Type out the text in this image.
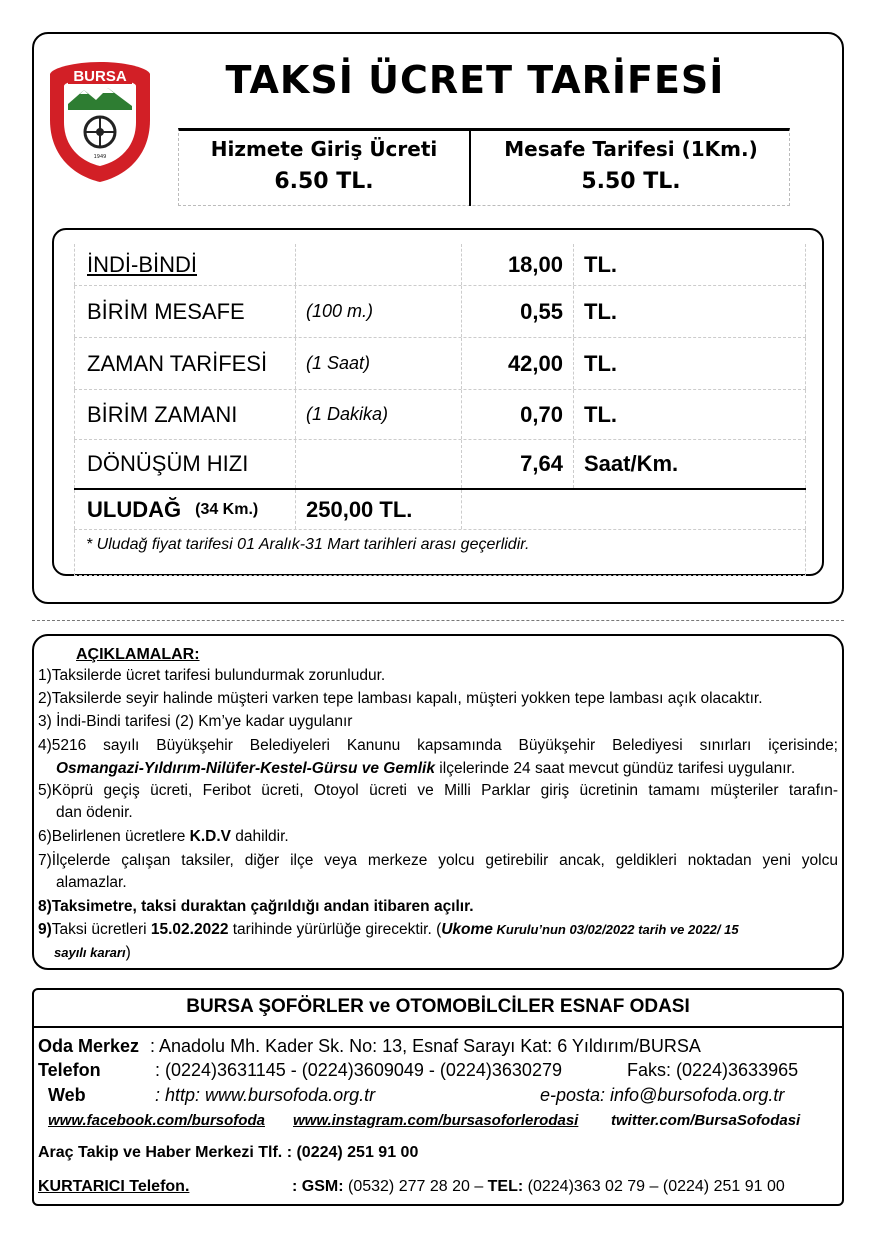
BURSA
1949
TAKSİ ÜCRET TARİFESİ
Hizmete Giriş Ücreti
6.50 TL.
Mesafe Tarifesi (1Km.)
5.50 TL.
İNDİ-BİNDİ	18,00 TL.
BİRİM MESAFE	(100 m.)	0,55 TL.
ZAMAN TARİFESİ	(1 Saat)	42,00 TL.
BİRİM ZAMANI	(1 Dakika)	0,70 TL.
DÖNÜŞÜM HIZI	7,64 Saat/Km.
ULUDAĞ (34 Km.)	250,00 TL.
* Uludağ fiyat tarifesi 01 Aralık-31 Mart tarihleri arası geçerlidir.
AÇIKLAMALAR:
1)Taksilerde ücret tarifesi bulundurmak zorunludur.
2)Taksilerde seyir halinde müşteri varken tepe lambası kapalı, müşteri yokken tepe lambası açık olacaktır.
3) İndi-Bindi tarifesi (2) Km’ye kadar uygulanır
4)5216 sayılı Büyükşehir Belediyeleri Kanunu kapsamında Büyükşehir Belediyesi sınırları içerisinde;
Osmangazi-Yıldırım-Nilüfer-Kestel-Gürsu ve Gemlik ilçelerinde 24 saat mevcut gündüz tarifesi uygulanır.
5)Köprü geçiş ücreti, Feribot ücreti, Otoyol ücreti ve Milli Parklar giriş ücretinin tamamı müşteriler tarafın-
dan ödenir.
6)Belirlenen ücretlere K.D.V dahildir.
7)İlçelerde çalışan taksiler, diğer ilçe veya merkeze yolcu getirebilir ancak, geldikleri noktadan yeni yolcu
alamazlar.
8)Taksimetre, taksi duraktan çağrıldığı andan itibaren açılır.
9)Taksi ücretleri 15.02.2022 tarihinde yürürlüğe girecektir. (Ukome Kurulu’nun 03/02/2022 tarih ve 2022/ 15
sayılı kararı)
BURSA ŞOFÖRLER ve OTOMOBİLCİLER ESNAF ODASI
Oda Merkez : Anadolu Mh. Kader Sk. No: 13, Esnaf Sarayı Kat: 6 Yıldırım/BURSA
Telefon	: (0224)3631145 - (0224)3609049 - (0224)3630279	Faks: (0224)3633965
Web	: http: www.bursofoda.org.tr	e-posta: info@bursofoda.org.tr
www.facebook.com/bursofoda www.instagram.com/bursasoforlerodasi twitter.com/BursaSofodasi
Araç Takip ve Haber Merkezi Tlf. : (0224) 251 91 00
KURTARICI Telefon.	: GSM: (0532) 277 28 20 – TEL: (0224)363 02 79 – (0224) 251 91 00
